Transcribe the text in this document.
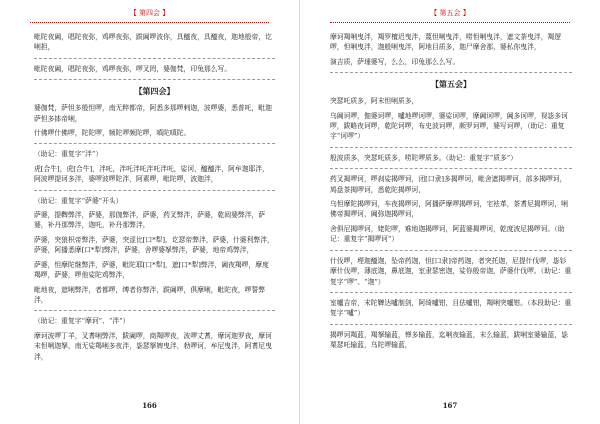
【 第四会 】

毗陀夜阇，唱陀夜弥，鸡啰夜弥，跋阇啰波你，具醯夜，具醯夜，迦地般帝，讫唎担，

毗陀夜阇，唱陀夜弥，鸡啰夜弥，啰叉罔，婆伽梵，印兔那么写。

【第四会】

婆伽梵，萨怛多般怛啰，南无粹都帝，阿悉多那啰剌迦，波啰婆，悉普吒，毗迦萨怛多钵帝唎，

什佛啰什佛啰，陀陀啰，频陀啰频陀啰，嗔陀嗔陀。

（助记：重复字“泮”）

虎[合牛]，虎[合牛]，泮吒，泮吒泮吒泮吒泮吒，娑诃，醯醯泮，阿牟迦耶泮，阿波啰提诃多泮，婆啰波啰陀泮，阿素啰，毗陀啰，波迦泮，

（助记：重复字“萨婆”开头）

萨婆，提鞞弊泮，萨婆，那伽弊泮，萨婆，药叉弊泮，萨婆，乾闼婆弊泮，萨婆，补丹那弊泮，迦吒，补丹那弊泮，

萨婆，突狼枳帝弊泮，萨婆，突涩比[口*犁]，讫瑟帝弊泮，萨婆，什婆利弊泮，萨婆，阿播悉摩[口*犁]弊泮，萨婆，舍啰婆拏弊泮，萨婆，地帝鸡弊泮，

萨婆，怛摩陀继弊泮，萨婆，毗陀耶[口*犁]，遮[口*犁]弊泮，阇夜羯啰，摩度羯啰，萨婆，啰他娑陀鸡弊泮，

毗地夜，遮唎弊泮，者都啰，缚者你弊泮，跋阇啰，俱摩唎，毗陀夜，啰誓弊泮，

（助记：重复字“摩诃”、“泮”）

摩诃波啰丁羊，叉耆唎弊泮，跋阇啰，商羯啰夜，波啰丈耆，摩诃迦罗夜，摩诃末怛唎迦拏，南无娑羯唎多夜泮，毖瑟拏婢曳泮，勃啰诃，牟尼曳泮，阿耆尼曳泮，

166
【 第五会 】

摩诃羯唎曳泮，羯罗檀迟曳泮，蔑怛唎曳泮，唠怛唎曳泮，遮文荼曳泮，羯逻啰，怛唎曳泮，迦般唎曳泮，阿地目质多，迦尸摩舍那，婆私你曳泮，

演吉质，萨埵婆写，么么，印兔那么么写。

【第五会】

突瑟吒质多，阿末怛唎质多，

乌阇诃啰，伽婆诃啰，嚧地啰诃啰，婆娑诃啰，摩阇诃啰，阇多诃啰，视毖多诃啰，跋略夜诃啰，乾陀诃啰，布史波诃啰，颇罗诃啰，婆写诃啰，（助记：重复字“诃啰”）

般波质多，突瑟吒质多，唠陀啰质多。（助记：重复字“质多”）

药叉揭啰诃，啰刹娑揭啰诃，闭[口隶]多揭啰诃，毗舍遮揭啰诃，部多揭啰诃，鸠盘茶揭啰诃，悉乾陀揭啰诃，

乌怛摩陀揭啰诃，车夜揭啰诃，阿播萨摩啰揭啰诃，宅袪革，茶耆尼揭啰诃，唎佛帝揭啰诃，阇弥迦揭啰诃，

舍俱尼揭啰诃，姥陀啰，难地迦揭啰诃，阿蓝婆揭啰诃，乾度波尼揭啰诃。（助记：重复字“揭啰诃”）

什伐啰，堙迦醯迦，坠帝药迦，怛[口隶]帝药迦，者突托迦，尼提什伐啰，毖钐摩什伐啰，薄底迦，鼻底迦，室隶瑟密迦，娑你般帝迦，萨婆什伐啰。（助记：重复字“啰”、“迦”）

室嚧吉帝，末陀鞞达嚧制剑，阿绮嚧钳，目佉嚧钳，羯唎突嚧钳。（本段助记：重复字“嚧”）

揭啰诃羯蓝，羯拏输蓝，惮多输蓝，迄唎夜输蓝，末么输蓝，跋唎室婆输蓝，毖栗瑟吒输蓝，乌陀啰输蓝，

167
